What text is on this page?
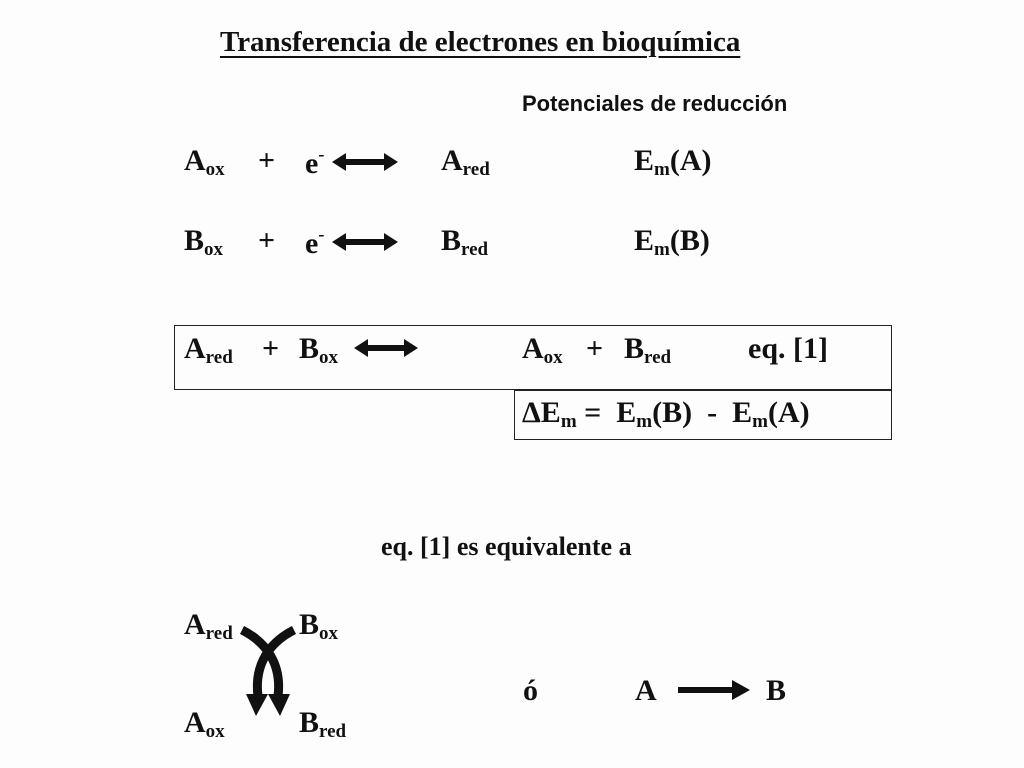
Transferencia de electrones en bioquímica
Potenciales de reducción
$A_{ox} + e^-$	$A_{red}$	$E_m(A)$
$B_{ox} + e^-$	$B_{red}$	$E_m(B)$
$A_{red} + B_{ox}$	$A_{ox} + B_{red}$	eq. [1]
$\Delta E_m = E_m(B) - E_m(A)$
eq. [1] es equivalente a
$A_{red}$ $B_{ox}$
$A_{ox}$ $B_{red}$
ó	A	B
